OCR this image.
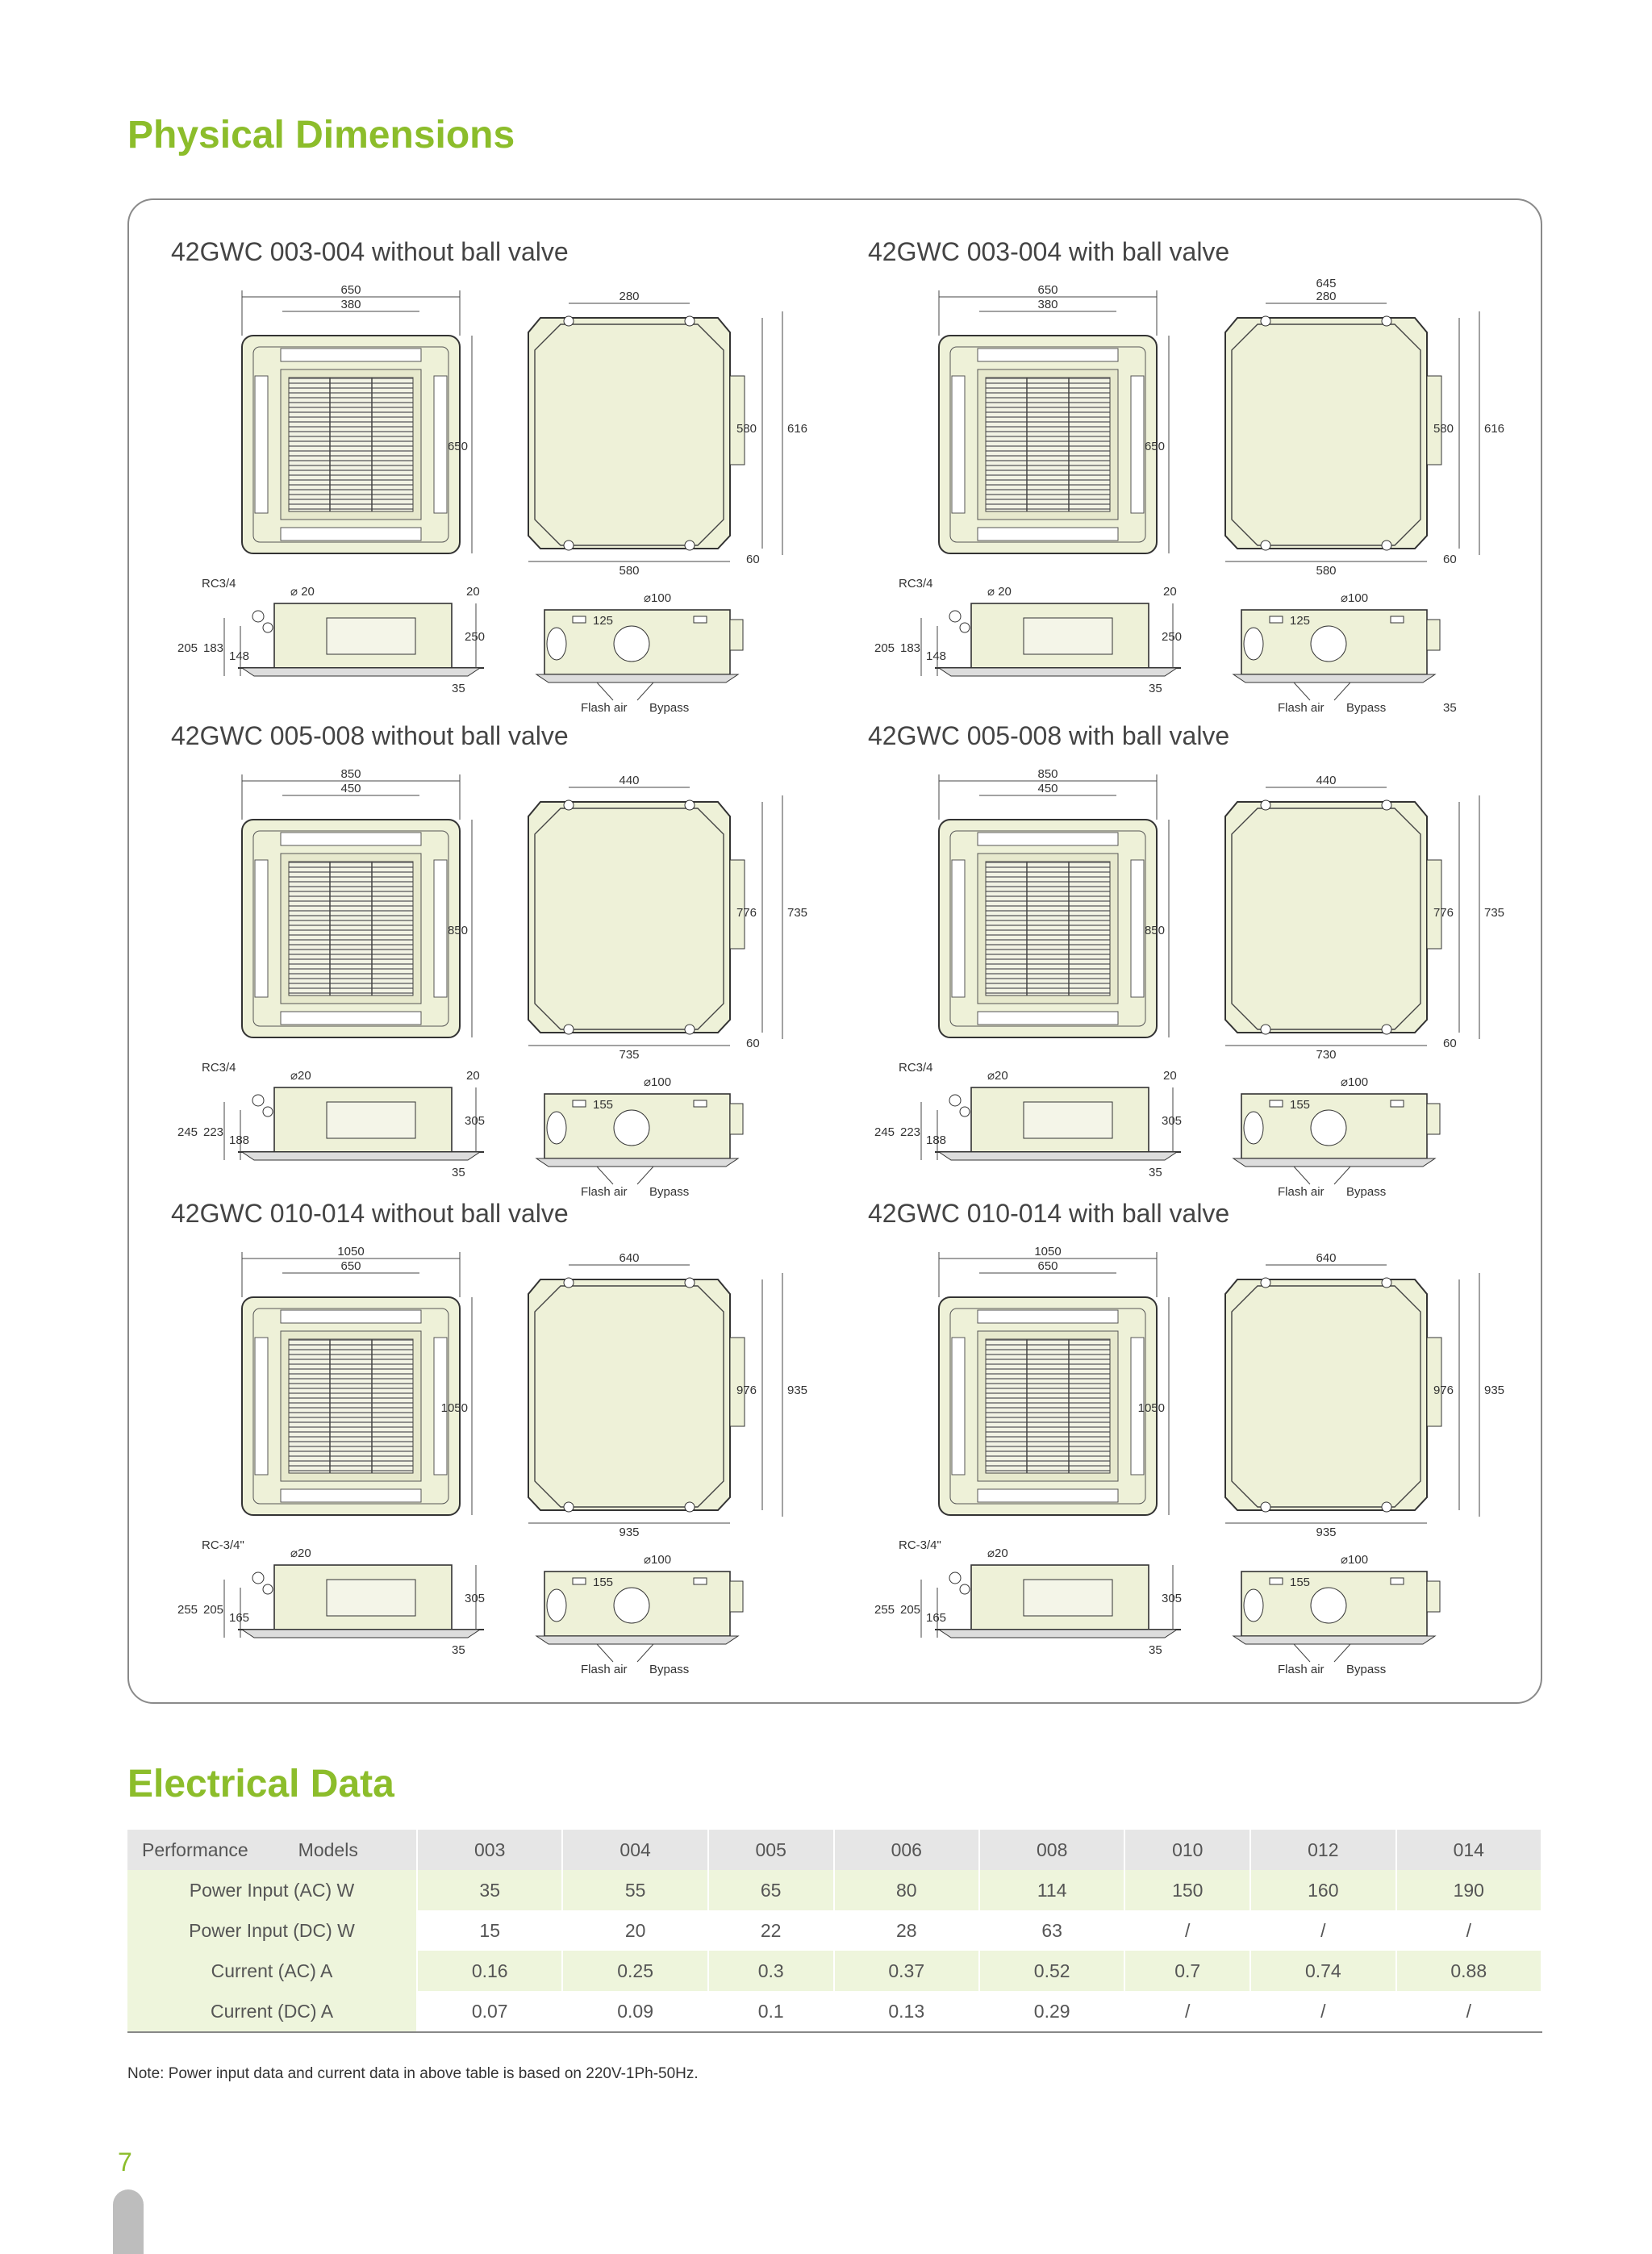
Physical Dimensions
42GWC 003-004 without ball valve	42GWC 003-004 with ball valve
42GWC 005-008 without ball valve	42GWC 005-008 with ball valve
42GWC 010-014 without ball valve	42GWC 010-014 with ball valve
650
380
650
280
580
580	616
60
RC3/4
⌀ 20	20
250
35
205 183
148
125
⌀100
Flash air Bypass
650
380
650
280
580
580	616
60
RC3/4
⌀ 20	20
250
35
205 183
148
125
⌀100
Flash air Bypass	35
645
850
450
850
440
735
776	735
60
RC3/4
⌀20	20
305
35
245 223
188
155
⌀100
Flash air Bypass
850
450
850
440
730
776	735
60
RC3/4
⌀20	20
305
35
245 223
188
155
⌀100
Flash air Bypass
1050
650
1050
640
935
976	935
RC-3/4"
⌀20
305
35
255 205
165
155
⌀100
Flash air Bypass
1050
650
1050
640
935
976	935
RC-3/4"
⌀20
305
35
255 205
165
155
⌀100
Flash air Bypass
Electrical Data
Performance Models	003	004	005	006	008	010	012	014
Power Input (AC) W	35	55	65	80	114	150	160	190
Power Input (DC) W	15	20	22	28	63	/	/	/
Current (AC) A	0.16	0.25	0.3	0.37	0.52	0.7	0.74	0.88
Current (DC) A	0.07	0.09	0.1	0.13	0.29	/	/	/
Note: Power input data and current data in above table is based on 220V-1Ph-50Hz.
7
